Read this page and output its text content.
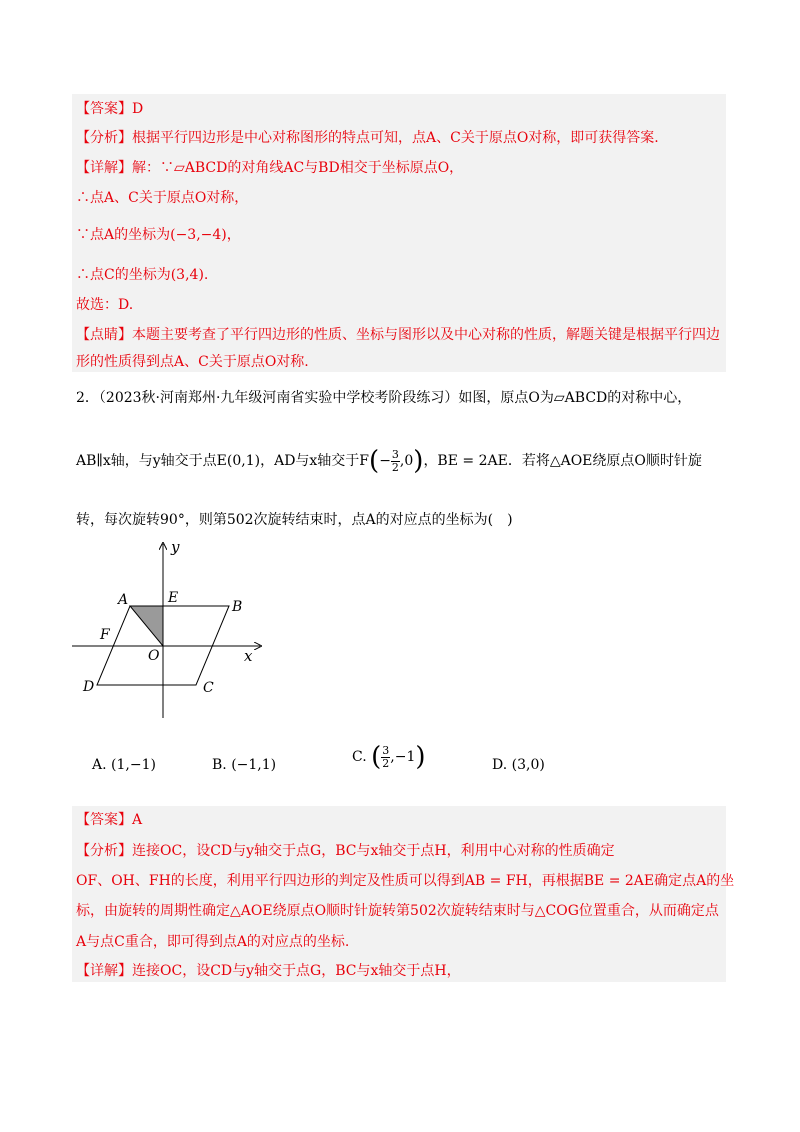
【答案】D
【分析】根据平行四边形是中心对称图形的特点可知，点A、C关于原点O对称，即可获得答案.
【详解】解：∵▱ABCD的对角线AC与BD相交于坐标原点O，
∴点A、C关于原点O对称，
∵点A的坐标为(−3,−4)，
∴点C的坐标为(3,4).
故选：D.
【点睛】本题主要考查了平行四边形的性质、坐标与图形以及中心对称的性质，解题关键是根据平行四边
形的性质得到点A、C关于原点O对称.
2．（2023秋·河南郑州·九年级河南省实验中学校考阶段练习）如图，原点O为▱ABCD的对称中心，
AB∥x轴，与y轴交于点E(0,1)，AD与x轴交于$F(- \frac{3}{2} ,0)$，BE = 2AE．若将△AOE绕原点O顺时针旋
转，每次旋转90°，则第502次旋转结束时，点A的对应点的坐标为(　)
y
x
A	E
B
F
O
D	C
A. (1,−1)	B. (−1,1)	C. ( $\frac{3}{2} ,-1$)	D. (3,0)
【答案】A
【分析】连接OC，设CD与y轴交于点G，BC与x轴交于点H，利用中心对称的性质确定
OF、OH、FH的长度，利用平行四边形的判定及性质可以得到AB = FH，再根据BE = 2AE确定点A的坐
标，由旋转的周期性确定△AOE绕原点O顺时针旋转第502次旋转结束时与△COG位置重合，从而确定点
A与点C重合，即可得到点A的对应点的坐标.
【详解】连接OC，设CD与y轴交于点G，BC与x轴交于点H，
